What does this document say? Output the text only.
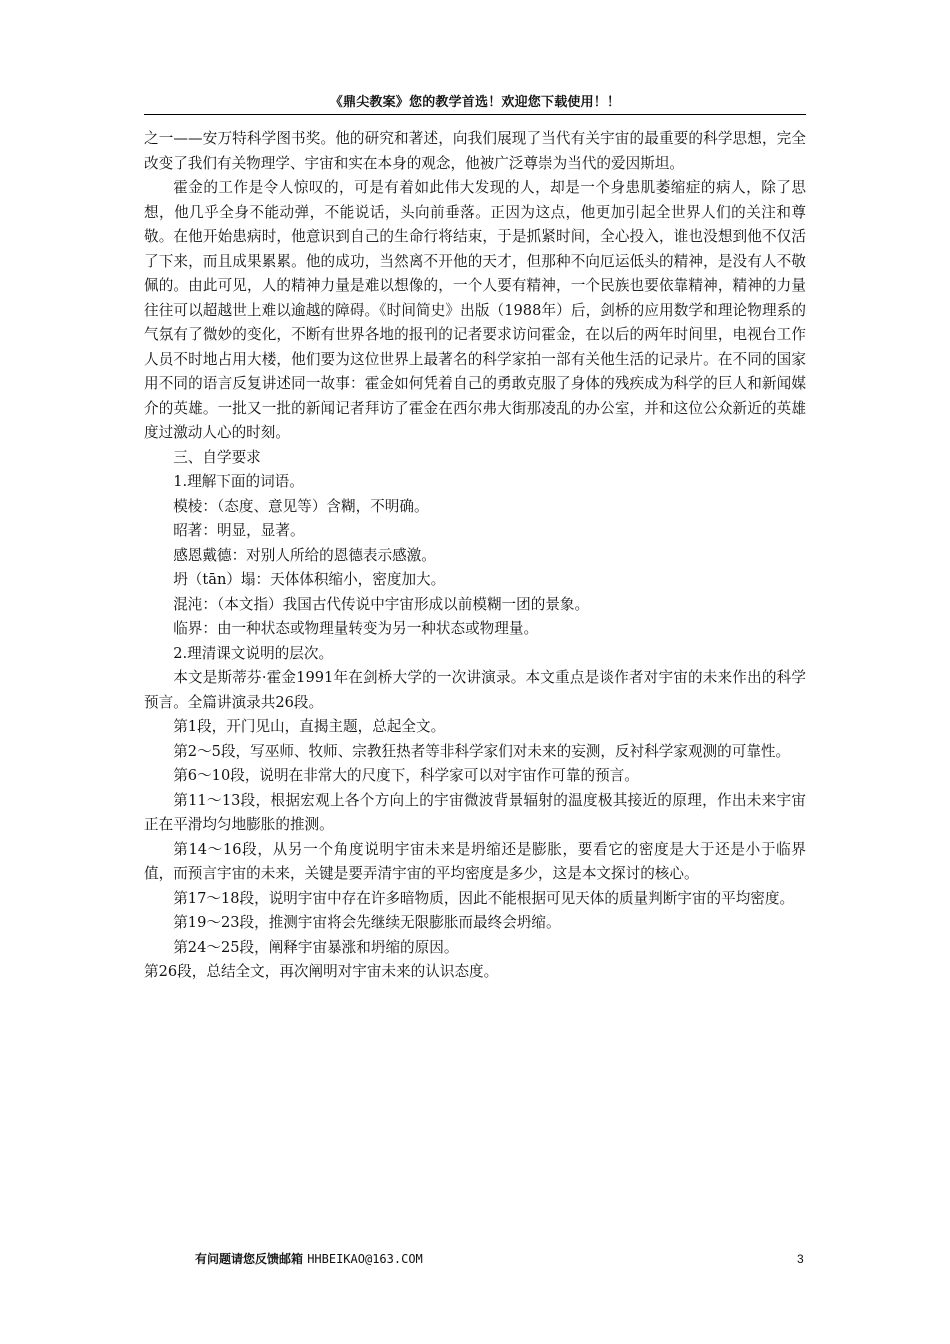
《鼎尖教案》您的教学首选！欢迎您下载使用！！

之一——安万特科学图书奖。他的研究和著述，向我们展现了当代有关宇宙的最重要的科学思想，完全改变了我们有关物理学、宇宙和实在本身的观念，他被广泛尊崇为当代的爱因斯坦。

霍金的工作是令人惊叹的，可是有着如此伟大发现的人，却是一个身患肌萎缩症的病人，除了思想，他几乎全身不能动弹，不能说话，头向前垂落。正因为这点，他更加引起全世界人们的关注和尊敬。在他开始患病时，他意识到自己的生命行将结束，于是抓紧时间，全心投入，谁也没想到他不仅活了下来，而且成果累累。他的成功，当然离不开他的天才，但那种不向厄运低头的精神，是没有人不敬佩的。由此可见，人的精神力量是难以想像的，一个人要有精神，一个民族也要依靠精神，精神的力量往往可以超越世上难以逾越的障碍。《时间简史》出版（1988年）后，剑桥的应用数学和理论物理系的气氛有了微妙的变化，不断有世界各地的报刊的记者要求访问霍金，在以后的两年时间里，电视台工作人员不时地占用大楼，他们要为这位世界上最著名的科学家拍一部有关他生活的记录片。在不同的国家用不同的语言反复讲述同一故事：霍金如何凭着自己的勇敢克服了身体的残疾成为科学的巨人和新闻媒介的英雄。一批又一批的新闻记者拜访了霍金在西尔弗大街那凌乱的办公室，并和这位公众新近的英雄度过激动人心的时刻。

三、自学要求

1.理解下面的词语。

模棱：（态度、意见等）含糊，不明确。

昭著：明显，显著。

感恩戴德：对别人所给的恩德表示感激。

坍（tān）塌：天体体积缩小，密度加大。

混沌：（本文指）我国古代传说中宇宙形成以前模糊一团的景象。

临界：由一种状态或物理量转变为另一种状态或物理量。

2.理清课文说明的层次。

本文是斯蒂芬·霍金1991年在剑桥大学的一次讲演录。本文重点是谈作者对宇宙的未来作出的科学预言。全篇讲演录共26段。

第1段，开门见山，直揭主题，总起全文。

第2～5段，写巫师、牧师、宗教狂热者等非科学家们对未来的妄测，反衬科学家观测的可靠性。

第6～10段，说明在非常大的尺度下，科学家可以对宇宙作可靠的预言。

第11～13段，根据宏观上各个方向上的宇宙微波背景辐射的温度极其接近的原理，作出未来宇宙正在平滑均匀地膨胀的推测。

第14～16段，从另一个角度说明宇宙未来是坍缩还是膨胀，要看它的密度是大于还是小于临界值，而预言宇宙的未来，关键是要弄清宇宙的平均密度是多少，这是本文探讨的核心。

第17～18段，说明宇宙中存在许多暗物质，因此不能根据可见天体的质量判断宇宙的平均密度。

第19～23段，推测宇宙将会先继续无限膨胀而最终会坍缩。

第24～25段，阐释宇宙暴涨和坍缩的原因。

第26段，总结全文，再次阐明对宇宙未来的认识态度。

有问题请您反馈邮箱 HHBEIKAO@163.COM	3
